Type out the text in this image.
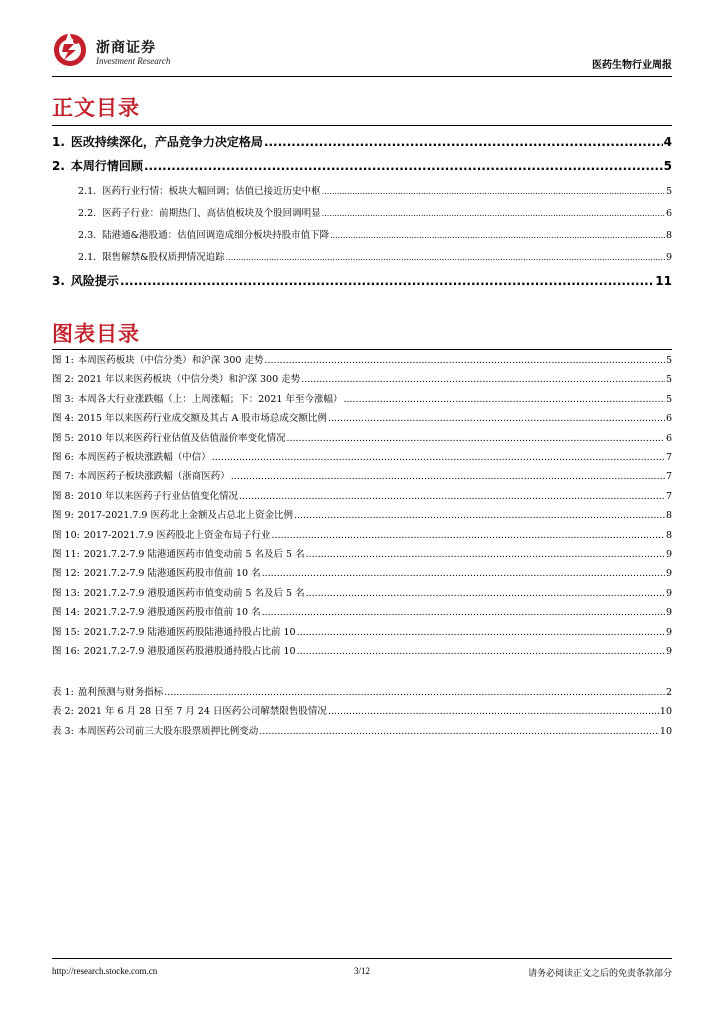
浙商证券
Investment Research	医药生物行业周报
正文目录
1. 医改持续深化，产品竞争力决定格局 .....	4
2. 本周行情回顾 .....	5
2.1. 医药行业行情：板块大幅回调；估值已接近历史中枢 .....	5
2.2. 医药子行业：前期热门、高估值板块及个股回调明显 .....	6
2.3. 陆港通&港股通：估值回调造成细分板块持股市值下降 .....	8
2.1. 限售解禁&股权质押情况追踪 .....	9
3. 风险提示 .....	11
图表目录
图 1: 本周医药板块（中信分类）和沪深 300 走势 .....	5
图 2: 2021 年以来医药板块（中信分类）和沪深 300 走势 .....	5
图 3: 本周各大行业涨跌幅（上：上周涨幅；下：2021 年至今涨幅） .....	5
图 4: 2015 年以来医药行业成交额及其占 A 股市场总成交额比例 .....	6
图 5: 2010 年以来医药行业估值及估值溢价率变化情况 .....	6
图 6: 本周医药子板块涨跌幅（中信） .....	7
图 7: 本周医药子板块涨跌幅（浙商医药） .....	7
图 8: 2010 年以来医药子行业估值变化情况 .....	7
图 9: 2017-2021.7.9 医药北上金额及占总北上资金比例 .....	8
图 10: 2017-2021.7.9 医药股北上资金布局子行业 .....	8
图 11: 2021.7.2-7.9 陆港通医药市值变动前 5 名及后 5 名 .....	9
图 12: 2021.7.2-7.9 陆港通医药股市值前 10 名 .....	9
图 13: 2021.7.2-7.9 港股通医药市值变动前 5 名及后 5 名 .....	9
图 14: 2021.7.2-7.9 港股通医药股市值前 10 名 .....	9
图 15: 2021.7.2-7.9 陆港通医药股陆港通持股占比前 10 .....	9
图 16: 2021.7.2-7.9 港股通医药股港股通持股占比前 10 .....	9
表 1: 盈利预测与财务指标 .....	2
表 2: 2021 年 6 月 28 日至 7 月 24 日医药公司解禁限售股情况 .....	10
表 3: 本周医药公司前三大股东股票质押比例变动 .....	10
http://research.stocke.com.cn	3/12	请务必阅读正文之后的免责条款部分
